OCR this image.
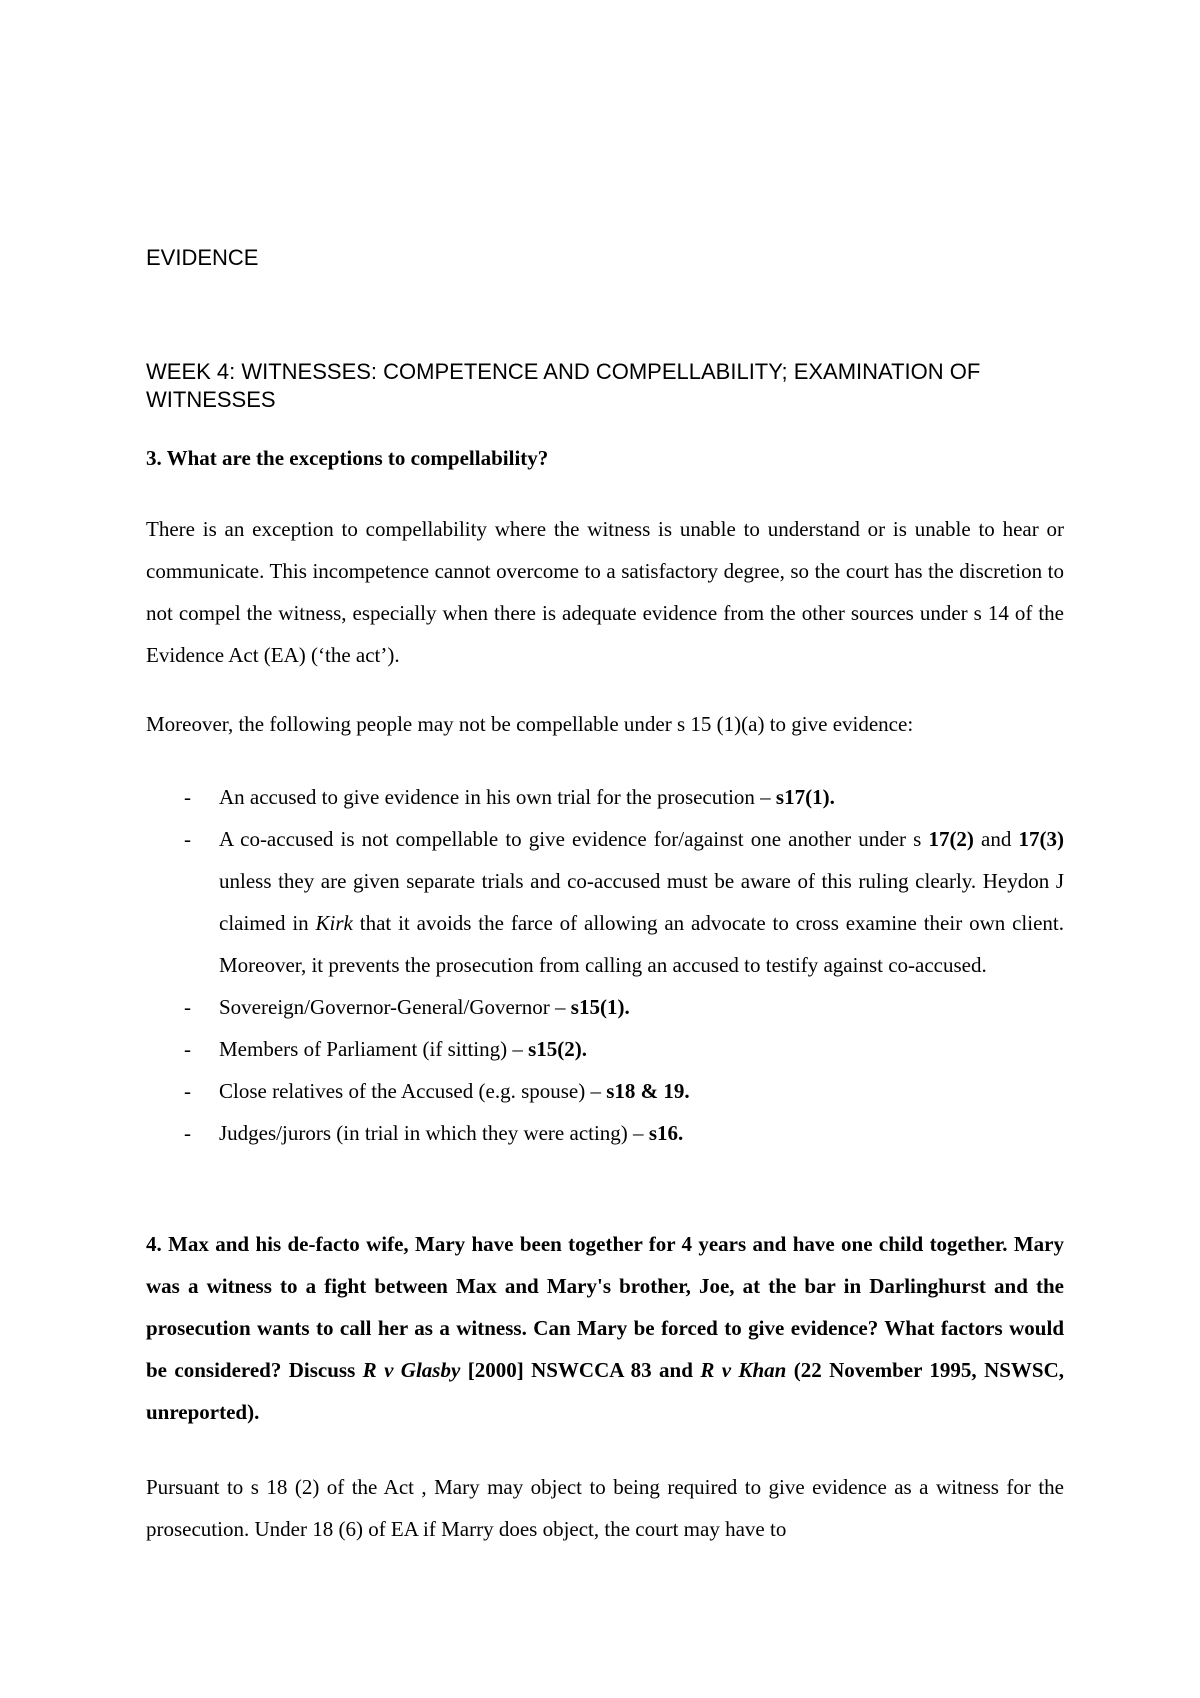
EVIDENCE
WEEK 4: WITNESSES: COMPETENCE AND COMPELLABILITY; EXAMINATION OF WITNESSES
3. What are the exceptions to compellability?
There is an exception to compellability where the witness is unable to understand or is unable to hear or communicate. This incompetence cannot overcome to a satisfactory degree, so the court has the discretion to not compel the witness, especially when there is adequate evidence from the other sources under s 14 of the Evidence Act (EA) (‘the act’).
Moreover, the following people may not be compellable under s 15 (1)(a) to give evidence:
- An accused to give evidence in his own trial for the prosecution – s17(1).
- A co-accused is not compellable to give evidence for/against one another under s 17(2) and 17(3) unless they are given separate trials and co-accused must be aware of this ruling clearly. Heydon J claimed in Kirk that it avoids the farce of allowing an advocate to cross examine their own client. Moreover, it prevents the prosecution from calling an accused to testify against co-accused.
- Sovereign/Governor-General/Governor – s15(1).
- Members of Parliament (if sitting) – s15(2).
- Close relatives of the Accused (e.g. spouse) – s18 & 19.
- Judges/jurors (in trial in which they were acting) – s16.
4. Max and his de-facto wife, Mary have been together for 4 years and have one child together. Mary was a witness to a fight between Max and Mary's brother, Joe, at the bar in Darlinghurst and the prosecution wants to call her as a witness. Can Mary be forced to give evidence? What factors would be considered? Discuss R v Glasby [2000] NSWCCA 83 and R v Khan (22 November 1995, NSWSC, unreported).
Pursuant to s 18 (2) of the Act , Mary may object to being required to give evidence as a witness for the prosecution. Under 18 (6) of EA if Marry does object, the court may have to
